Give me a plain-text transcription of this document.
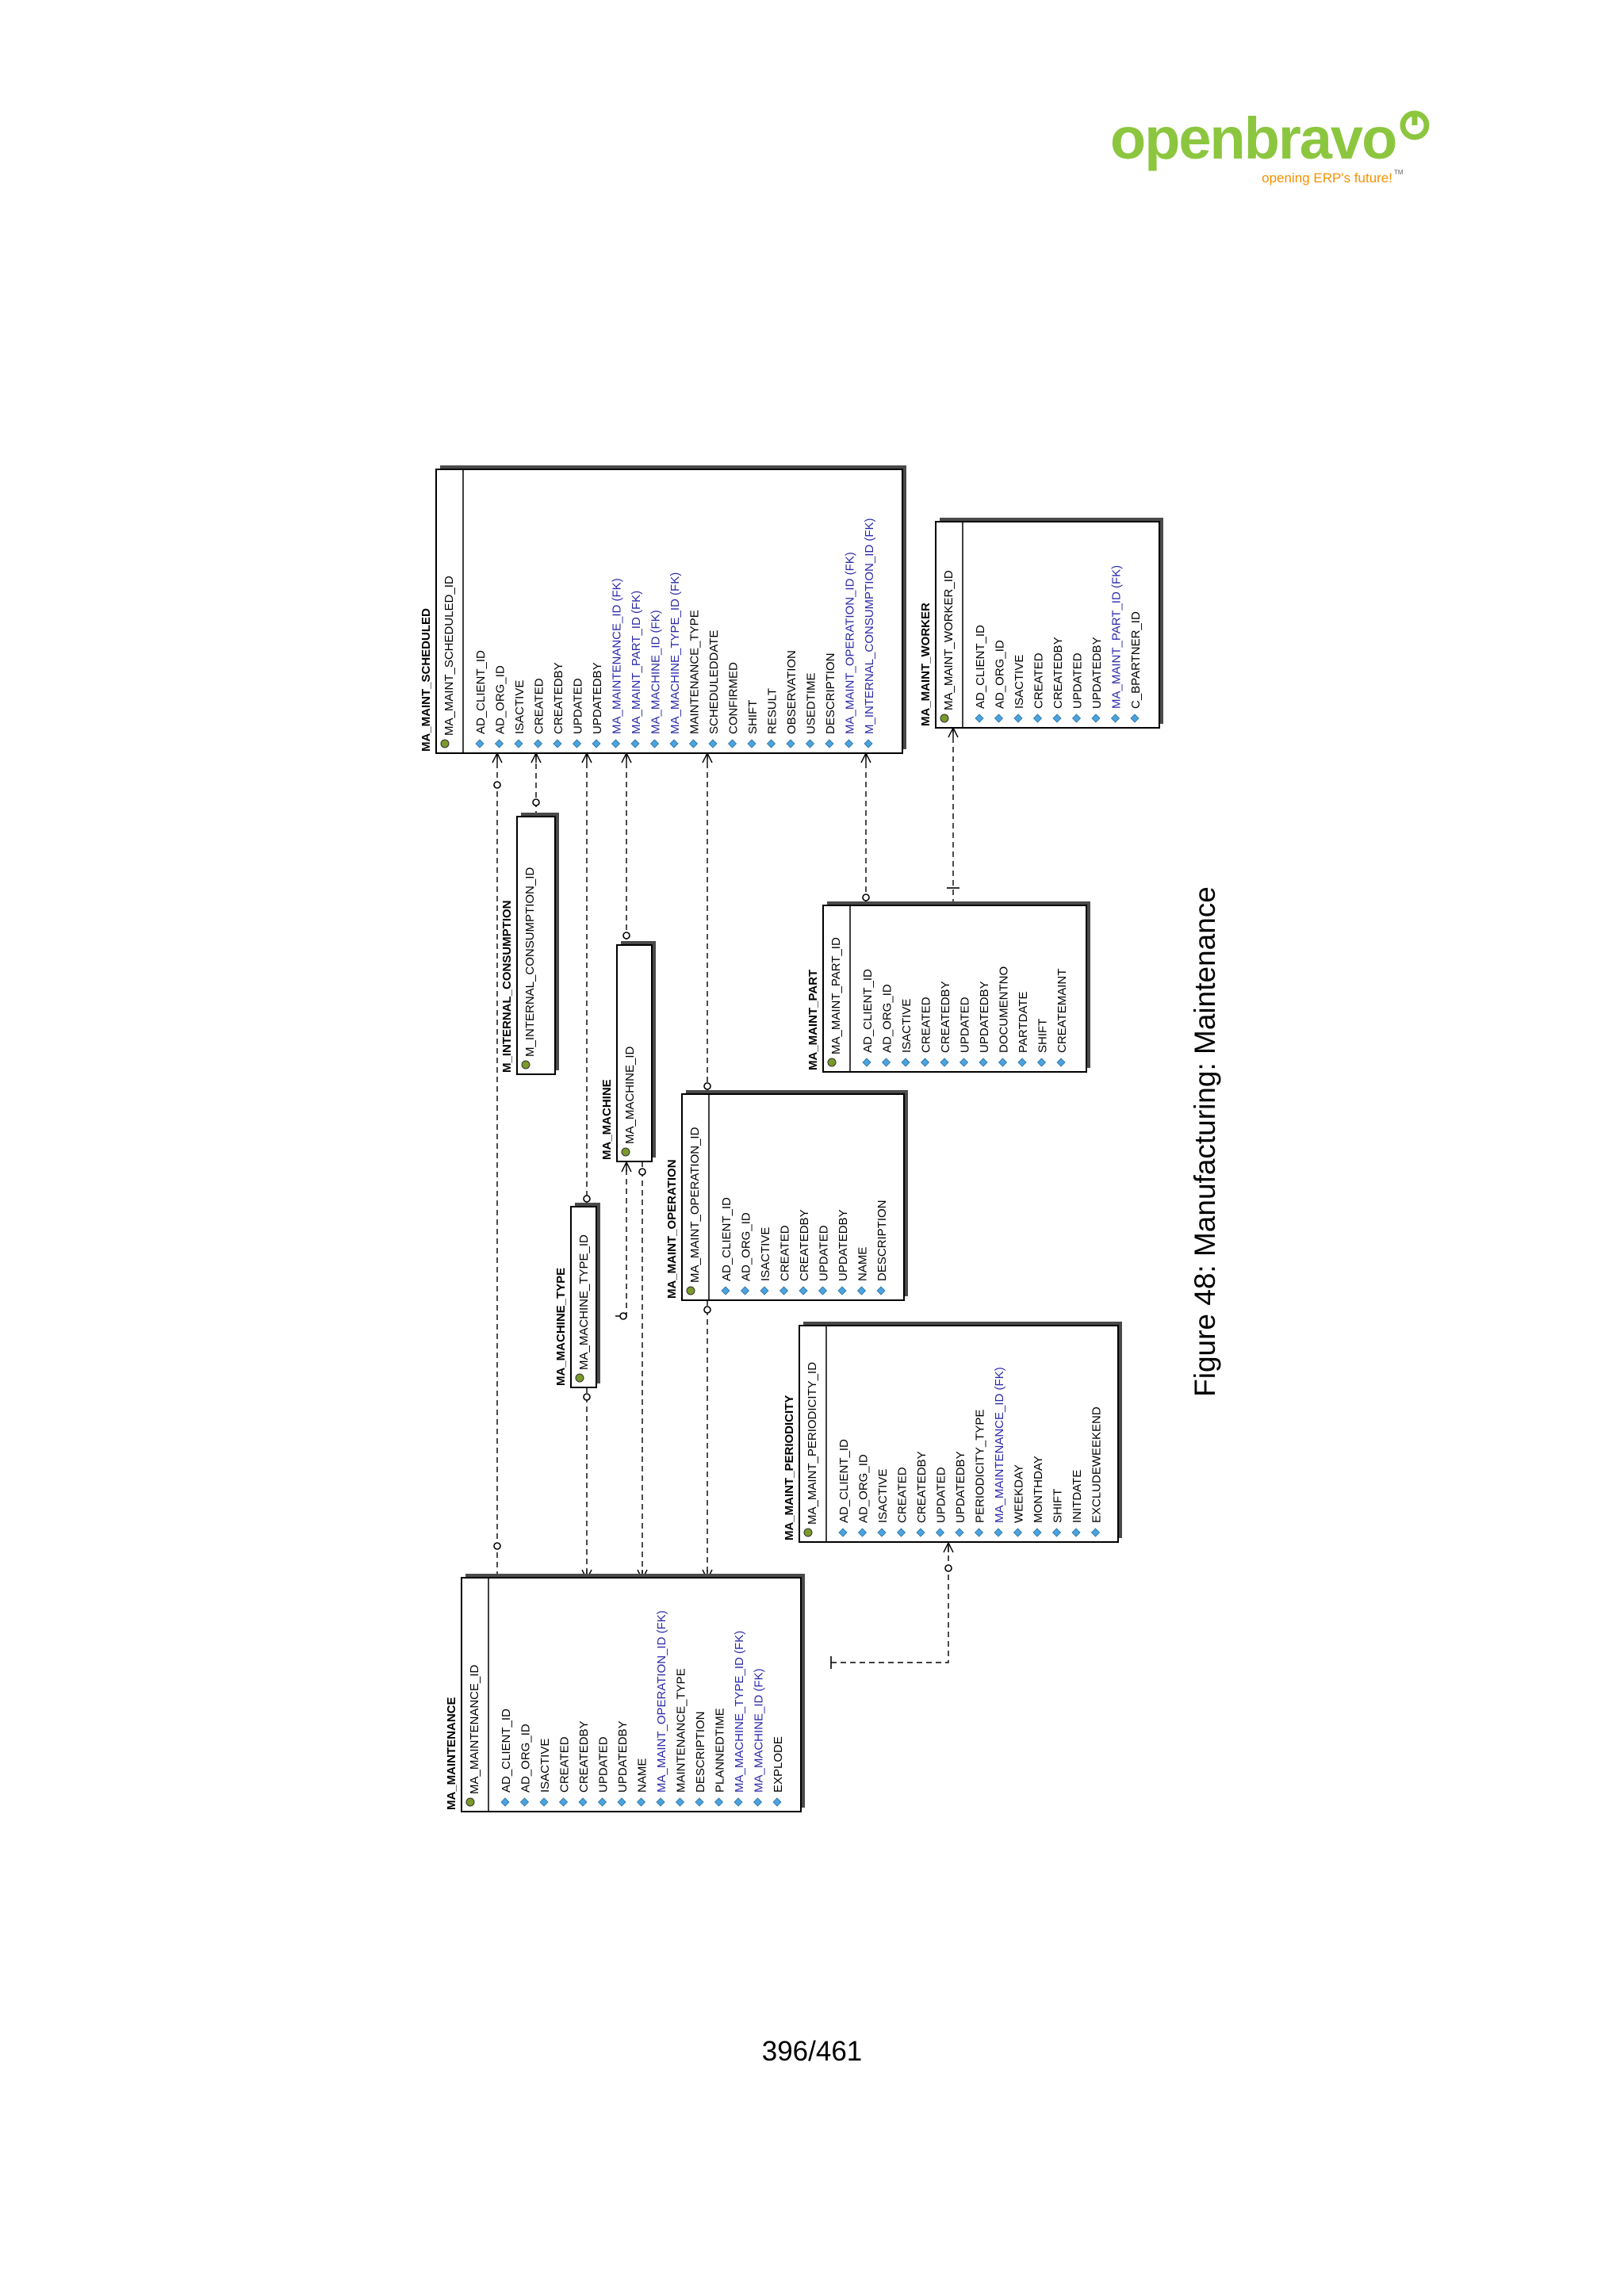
openbravo
opening ERP's future! TM
MA_MAINT_SCHEDULED MA_MAINT_SCHEDULED_ID AD_CLIENT_ID AD_ORG_ID ISACTIVE CREATED CREATEDBY UPDATED UPDATEDBY MA_MAINTENANCE_ID (FK) MA_MAINT_PART_ID (FK) MA_MACHINE_ID (FK) MA_MACHINE_TYPE_ID (FK) MAINTENANCE_TYPE SCHEDULEDDATE CONFIRMED SHIFT RESULT OBSERVATION USEDTIME DESCRIPTION MA_MAINT_OPERATION_ID (FK) M_INTERNAL_CONSUMPTION_ID (FK)	MA_MAINT_WORKER MA_MAINT_WORKER_ID AD_CLIENT_ID AD_ORG_ID ISACTIVE CREATED CREATEDBY UPDATED UPDATEDBY MA_MAINT_PART_ID (FK) C_BPARTNER_ID
M_INTERNAL_CONSUMPTION M_INTERNAL_CONSUMPTION_ID
MA_MACHINE MA_MACHINE_ID
MA_MAINT_PART MA_MAINT_PART_ID AD_CLIENT_ID AD_ORG_ID ISACTIVE CREATED CREATEDBY UPDATED UPDATEDBY DOCUMENTNO PARTDATE SHIFT CREATEMAINT
MA_MAINT_OPERATION MA_MAINT_OPERATION_ID AD_CLIENT_ID AD_ORG_ID ISACTIVE CREATED CREATEDBY UPDATED UPDATEDBY NAME DESCRIPTION
MA_MACHINE_TYPE MA_MACHINE_TYPE_ID
MA_MAINT_PERIODICITY MA_MAINT_PERIODICITY_ID AD_CLIENT_ID AD_ORG_ID ISACTIVE CREATED CREATEDBY UPDATED UPDATEDBY PERIODICITY_TYPE MA_MAINTENANCE_ID (FK) WEEKDAY MONTHDAY SHIFT INITDATE EXCLUDEWEEKEND
MA_MAINTENANCE MA_MAINTENANCE_ID AD_CLIENT_ID AD_ORG_ID ISACTIVE CREATED CREATEDBY UPDATED UPDATEDBY NAME MA_MAINT_OPERATION_ID (FK) MAINTENANCE_TYPE DESCRIPTION PLANNEDTIME MA_MACHINE_TYPE_ID (FK) MA_MACHINE_ID (FK) EXPLODE
Figure 48: Manufacturing: Maintenance
396/461
